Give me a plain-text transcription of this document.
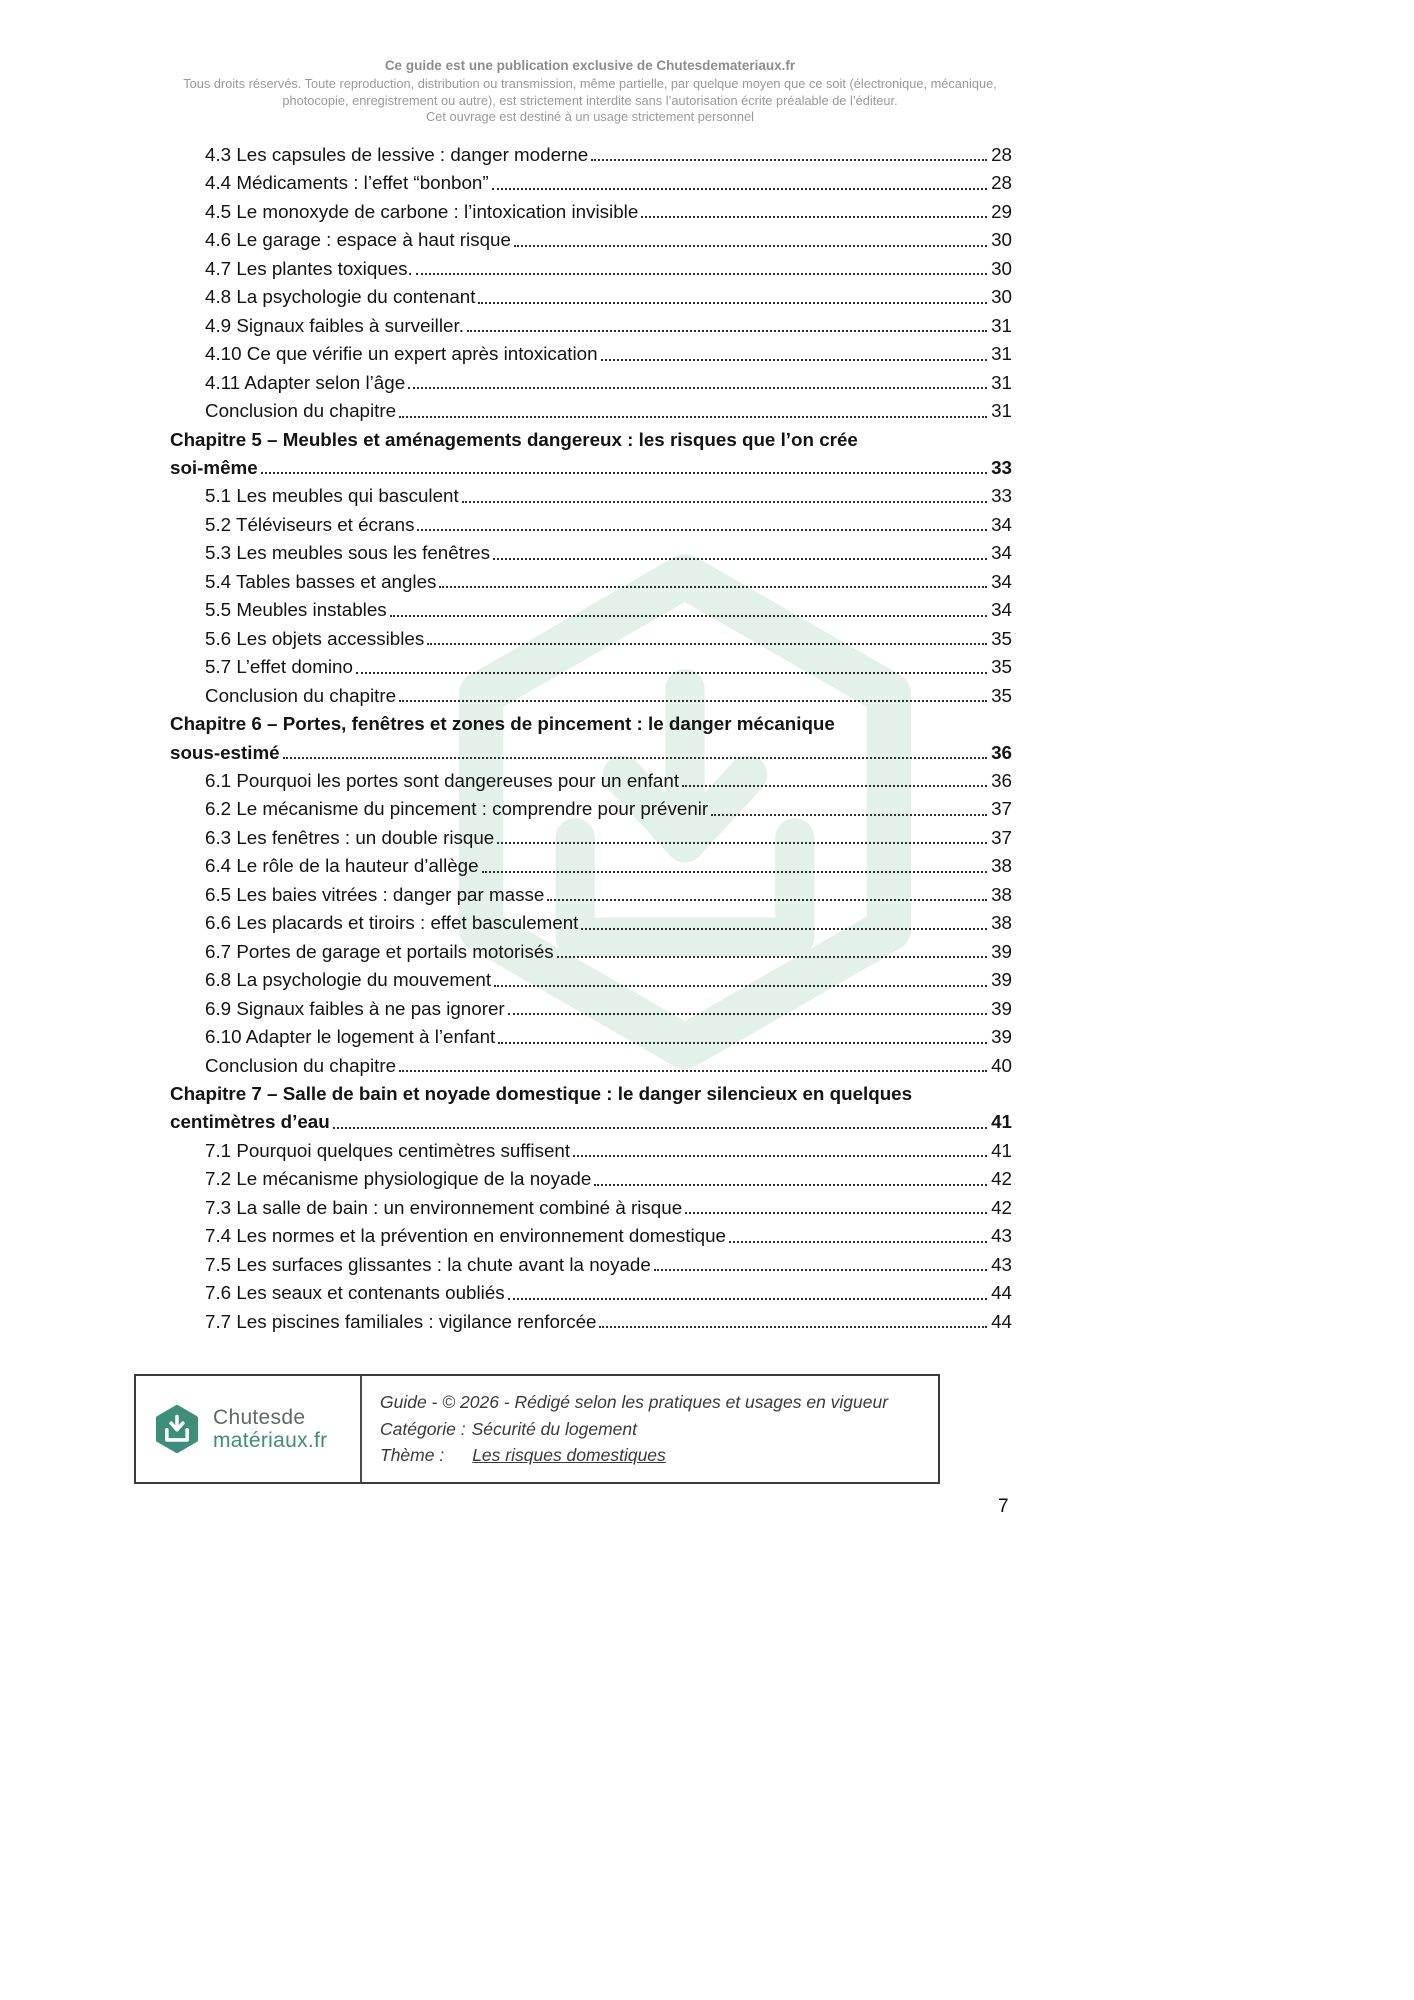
Ce guide est une publication exclusive de Chutesdemateriaux.fr
Tous droits réservés. Toute reproduction, distribution ou transmission, même partielle, par quelque moyen que ce soit (électronique, mécanique,
photocopie, enregistrement ou autre), est strictement interdite sans l’autorisation écrite préalable de l’éditeur.
Cet ouvrage est destiné à un usage strictement personnel
4.3 Les capsules de lessive : danger moderne	28
4.4 Médicaments : l’effet “bonbon”	28
4.5 Le monoxyde de carbone : l’intoxication invisible	29
4.6 Le garage : espace à haut risque	30
4.7 Les plantes toxiques.	30
4.8 La psychologie du contenant	30
4.9 Signaux faibles à surveiller.	31
4.10 Ce que vérifie un expert après intoxication	31
4.11 Adapter selon l’âge	31
Conclusion du chapitre	31
Chapitre 5 – Meubles et aménagements dangereux : les risques que l’on crée
soi-même	33
5.1 Les meubles qui basculent	33
5.2 Téléviseurs et écrans	34
5.3 Les meubles sous les fenêtres	34
5.4 Tables basses et angles	34
5.5 Meubles instables	34
5.6 Les objets accessibles	35
5.7 L’effet domino	35
Conclusion du chapitre	35
Chapitre 6 – Portes, fenêtres et zones de pincement : le danger mécanique
sous-estimé	36
6.1 Pourquoi les portes sont dangereuses pour un enfant	36
6.2 Le mécanisme du pincement : comprendre pour prévenir	37
6.3 Les fenêtres : un double risque	37
6.4 Le rôle de la hauteur d’allège	38
6.5 Les baies vitrées : danger par masse	38
6.6 Les placards et tiroirs : effet basculement	38
6.7 Portes de garage et portails motorisés	39
6.8 La psychologie du mouvement	39
6.9 Signaux faibles à ne pas ignorer	39
6.10 Adapter le logement à l’enfant	39
Conclusion du chapitre	40
Chapitre 7 – Salle de bain et noyade domestique : le danger silencieux en quelques
centimètres d’eau	41
7.1 Pourquoi quelques centimètres suffisent	41
7.2 Le mécanisme physiologique de la noyade	42
7.3 La salle de bain : un environnement combiné à risque	42
7.4 Les normes et la prévention en environnement domestique	43
7.5 Les surfaces glissantes : la chute avant la noyade	43
7.6 Les seaux et contenants oubliés	44
7.7 Les piscines familiales : vigilance renforcée	44
Chutesde
matériaux.fr
Guide - © 2026 - Rédigé selon les pratiques et usages en vigueur
Catégorie : Sécurité du logement
Thème : Les risques domestiques
7
